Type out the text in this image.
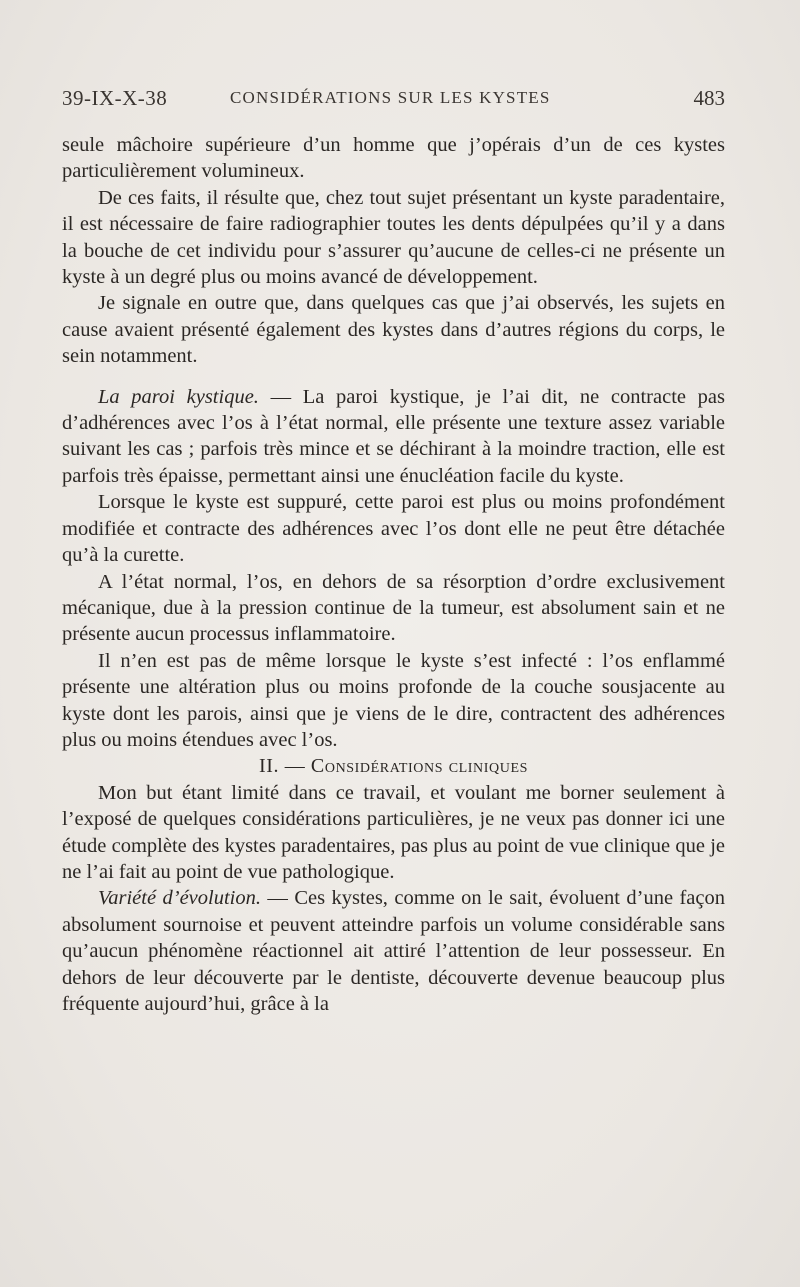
39-IX-X-38	CONSIDÉRATIONS SUR LES KYSTES	483

seule mâchoire supérieure d’un homme que j’opérais d’un de ces kystes particulièrement volumineux.

De ces faits, il résulte que, chez tout sujet présentant un kyste paradentaire, il est nécessaire de faire radiographier toutes les dents dépulpées qu’il y a dans la bouche de cet individu pour s’assurer qu’aucune de celles-ci ne présente un kyste à un degré plus ou moins avancé de développement.

Je signale en outre que, dans quelques cas que j’ai observés, les sujets en cause avaient présenté également des kystes dans d’autres régions du corps, le sein notamment.

La paroi kystique. — La paroi kystique, je l’ai dit, ne contracte pas d’adhérences avec l’os à l’état normal, elle présente une texture assez variable suivant les cas ; parfois très mince et se déchirant à la moindre traction, elle est parfois très épaisse, permettant ainsi une énucléation facile du kyste.

Lorsque le kyste est suppuré, cette paroi est plus ou moins profondément modifiée et contracte des adhérences avec l’os dont elle ne peut être détachée qu’à la curette.

A l’état normal, l’os, en dehors de sa résorption d’ordre exclusivement mécanique, due à la pression continue de la tumeur, est absolument sain et ne présente aucun processus inflammatoire.

Il n’en est pas de même lorsque le kyste s’est infecté : l’os enflammé présente une altération plus ou moins profonde de la couche sousjacente au kyste dont les parois, ainsi que je viens de le dire, contractent des adhérences plus ou moins étendues avec l’os.

II. — Considérations cliniques

Mon but étant limité dans ce travail, et voulant me borner seulement à l’exposé de quelques considérations particulières, je ne veux pas donner ici une étude complète des kystes paradentaires, pas plus au point de vue clinique que je ne l’ai fait au point de vue pathologique.

Variété d’évolution. — Ces kystes, comme on le sait, évoluent d’une façon absolument sournoise et peuvent atteindre parfois un volume considérable sans qu’aucun phénomène réactionnel ait attiré l’attention de leur possesseur. En dehors de leur découverte par le dentiste, découverte devenue beaucoup plus fréquente aujourd’hui, grâce à la
